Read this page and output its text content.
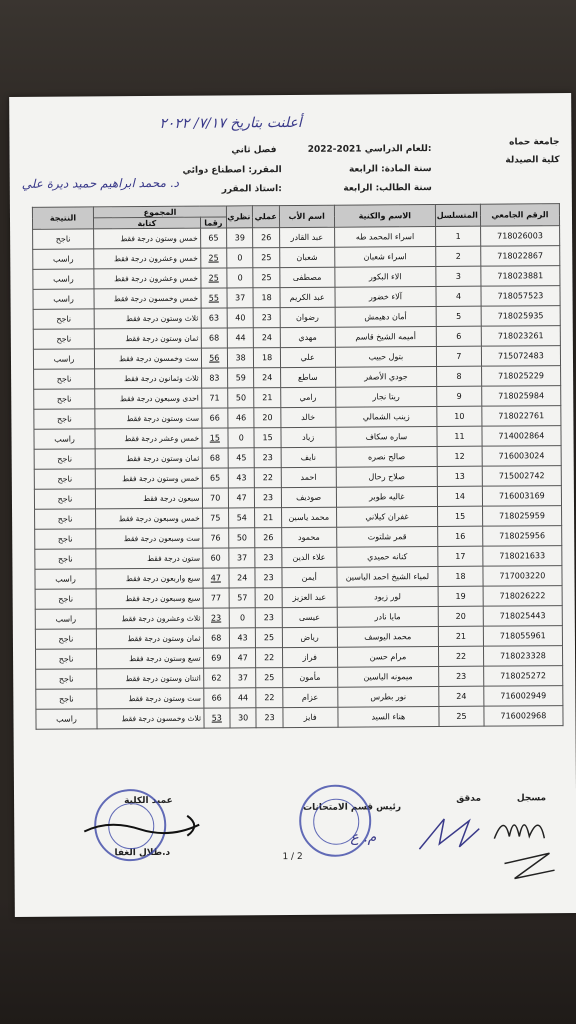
جامعة حماه
كلية الصيدلة
للعام الدراسي:
2022-2021
فصل ثاني
سنة المادة: الرابعة
المقرر: اصطناع دوائي
سنة الطالب: الرابعة
استاذ المقرر:
د. محمد ابراهيم حميد ديرة علي
أعلنت بتاريخ ٧/١٧/ ٢٠٢٢
الرقم الجامعي	المتسلسل	الاسم والكنية	اسم الأب	عملي	نظري	المجموع		النتيجة
						رقما	كتابة	
718026003	1	اسراء المحمد طه	عبد القادر	26	39	65	خمس وستون درجة فقط	ناجح
718022867	2	اسراء شعبان	شعبان	25	0	25	خمس وعشرون درجة فقط	راسب
718023881	3	الاء البكور	مصطفى	25	0	25	خمس وعشرون درجة فقط	راسب
718057523	4	آلاء خضور	عبد الكريم	18	37	55	خمس وخمسون درجة فقط	راسب
718025935	5	أمان دهيمش	رضوان	23	40	63	ثلاث وستون درجة فقط	ناجح
718023261	6	أميمه الشيخ قاسم	مهدي	24	44	68	ثمان وستون درجة فقط	ناجح
715072483	7	بتول حبيب	علي	18	38	56	ست وخمسون درجة فقط	راسب
718025229	8	جودي الأصفر	ساطع	24	59	83	ثلاث وثمانون درجة فقط	ناجح
718025984	9	ريتا نجار	رامي	21	50	71	احدى وسبعون درجة فقط	ناجح
718022761	10	زينب الشمالي	خالد	20	46	66	ست وستون درجة فقط	ناجح
714002864	11	ساره سكاف	زياد	15	0	15	خمس وعشر درجة فقط	راسب
716003024	12	صالح نصره	نايف	23	45	68	ثمان وستون درجة فقط	ناجح
715002742	13	صلاح رحال	احمد	22	43	65	خمس وستون درجة فقط	ناجح
716003169	14	غاليه طوبر	صوديف	23	47	70	سبعون درجة فقط	ناجح
718025959	15	غفران كيلاني	محمد ياسين	21	54	75	خمس وسبعون درجة فقط	ناجح
718025956	16	قمر شلتوت	محمود	26	50	76	ست وسبعون درجة فقط	ناجح
718021633	17	كنانه حميدي	علاء الدين	23	37	60	ستون درجة فقط	ناجح
717003220	18	لمياء الشيخ احمد الياسين	أيمن	23	24	47	سبع واربعون درجة فقط	راسب
718026222	19	لور زيود	عبد العزيز	20	57	77	سبع وسبعون درجة فقط	ناجح
718025443	20	مايا نادر	عيسى	23	0	23	ثلاث وعشرون درجة فقط	راسب
718055961	21	محمد اليوسف	رياض	25	43	68	ثمان وستون درجة فقط	ناجح
718023328	22	مرام حسن	فراز	22	47	69	تسع وستون درجة فقط	ناجح
718025272	23	ميمونه الياسين	مأمون	25	37	62	اثنتان وستون درجة فقط	ناجح
716002949	24	نور بطرس	عزام	22	44	66	ست وستون درجة فقط	ناجح
716002968	25	هناء السيد	فايز	23	30	53	ثلاث وخمسون درجة فقط	راسب
مسجل
مدقق
رئيس قسم الامتحانات
م. ع
عميد الكلية
د.طلال الغفا	1 / 2
